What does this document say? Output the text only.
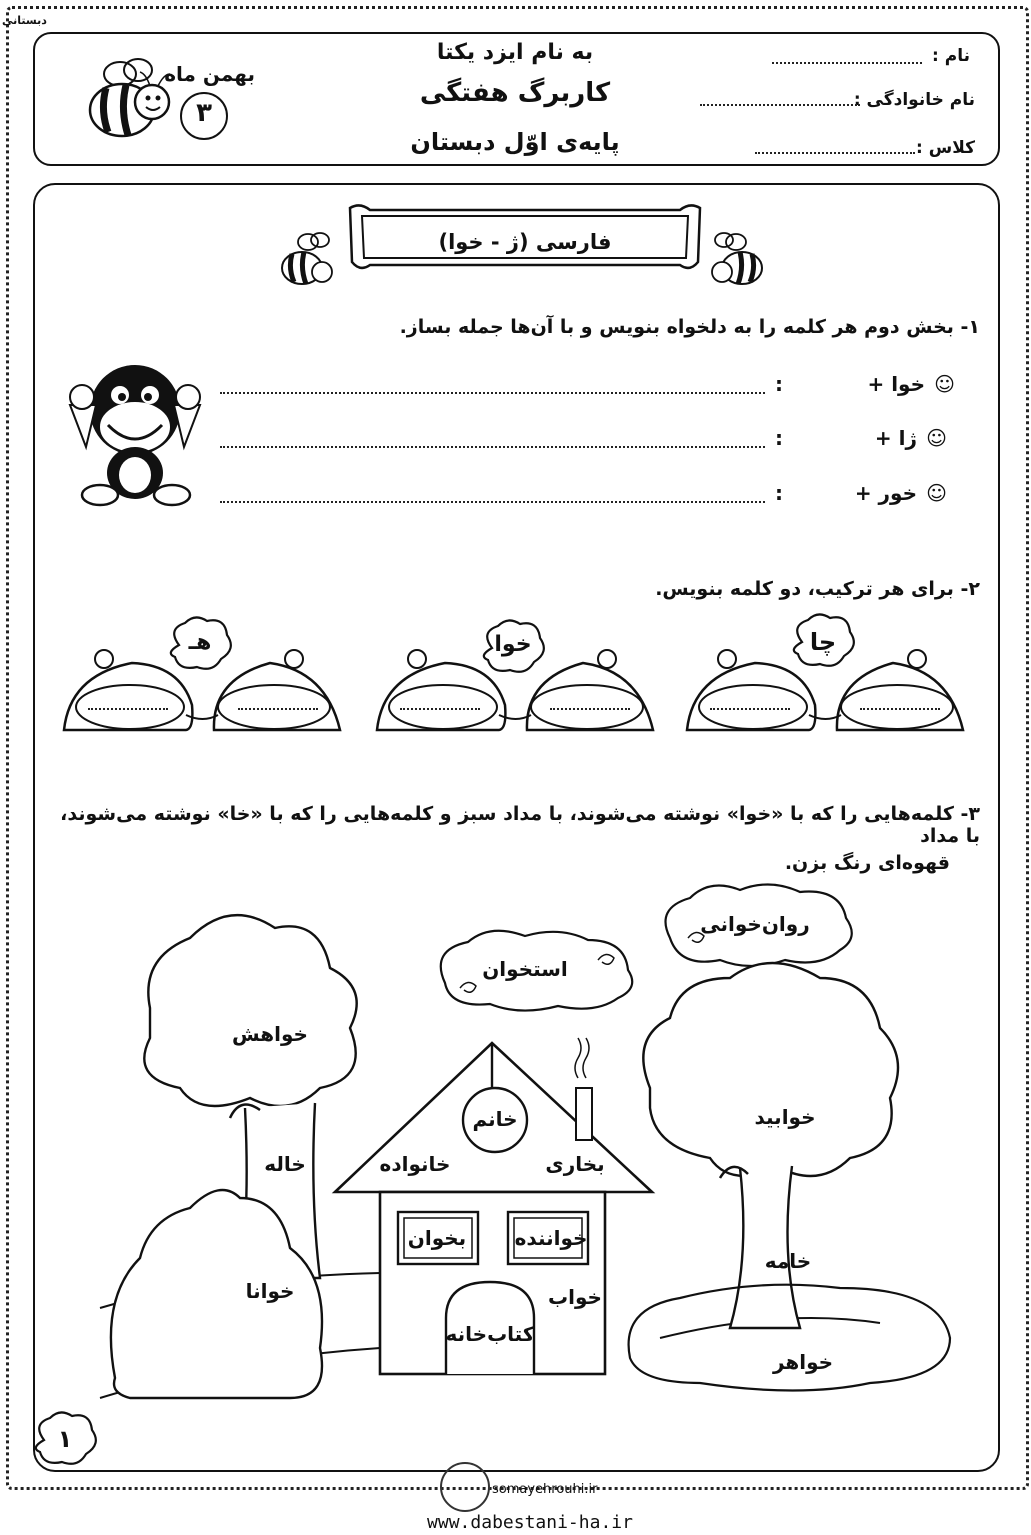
دبستانی
به نام ایزد یکتا
کاربرگ هفتگی
پایه‌ی اوّل دبستان
نام :
نام خانوادگی :
کلاس :
بهمن ماه
۳
فارسی (ژ - خوا)
۱- بخش دوم هر کلمه را به دلخواه بنویس و با آن‌ها جمله بساز.
☺
خوا +
:
☺
ژا +
:
☺
خور +
:
۲- برای هر ترکیب، دو کلمه بنویس.
چا
خوا
هـ
۳- کلمه‌هایی را که با «خوا» نوشته می‌شوند، با مداد سبز و کلمه‌هایی را که با «خا» نوشته می‌شوند، با مداد
قهوه‌ای رنگ بزن.
روان‌خوانی
استخوان
خواهش
خاله
خوانا
خانم
خانواده	بخاری
بخوان خواننده
خواب
کتاب‌خانه
خوابید
خامه
خواهر
۱
somayehrouhi.ir
www.dabestani-ha.ir
